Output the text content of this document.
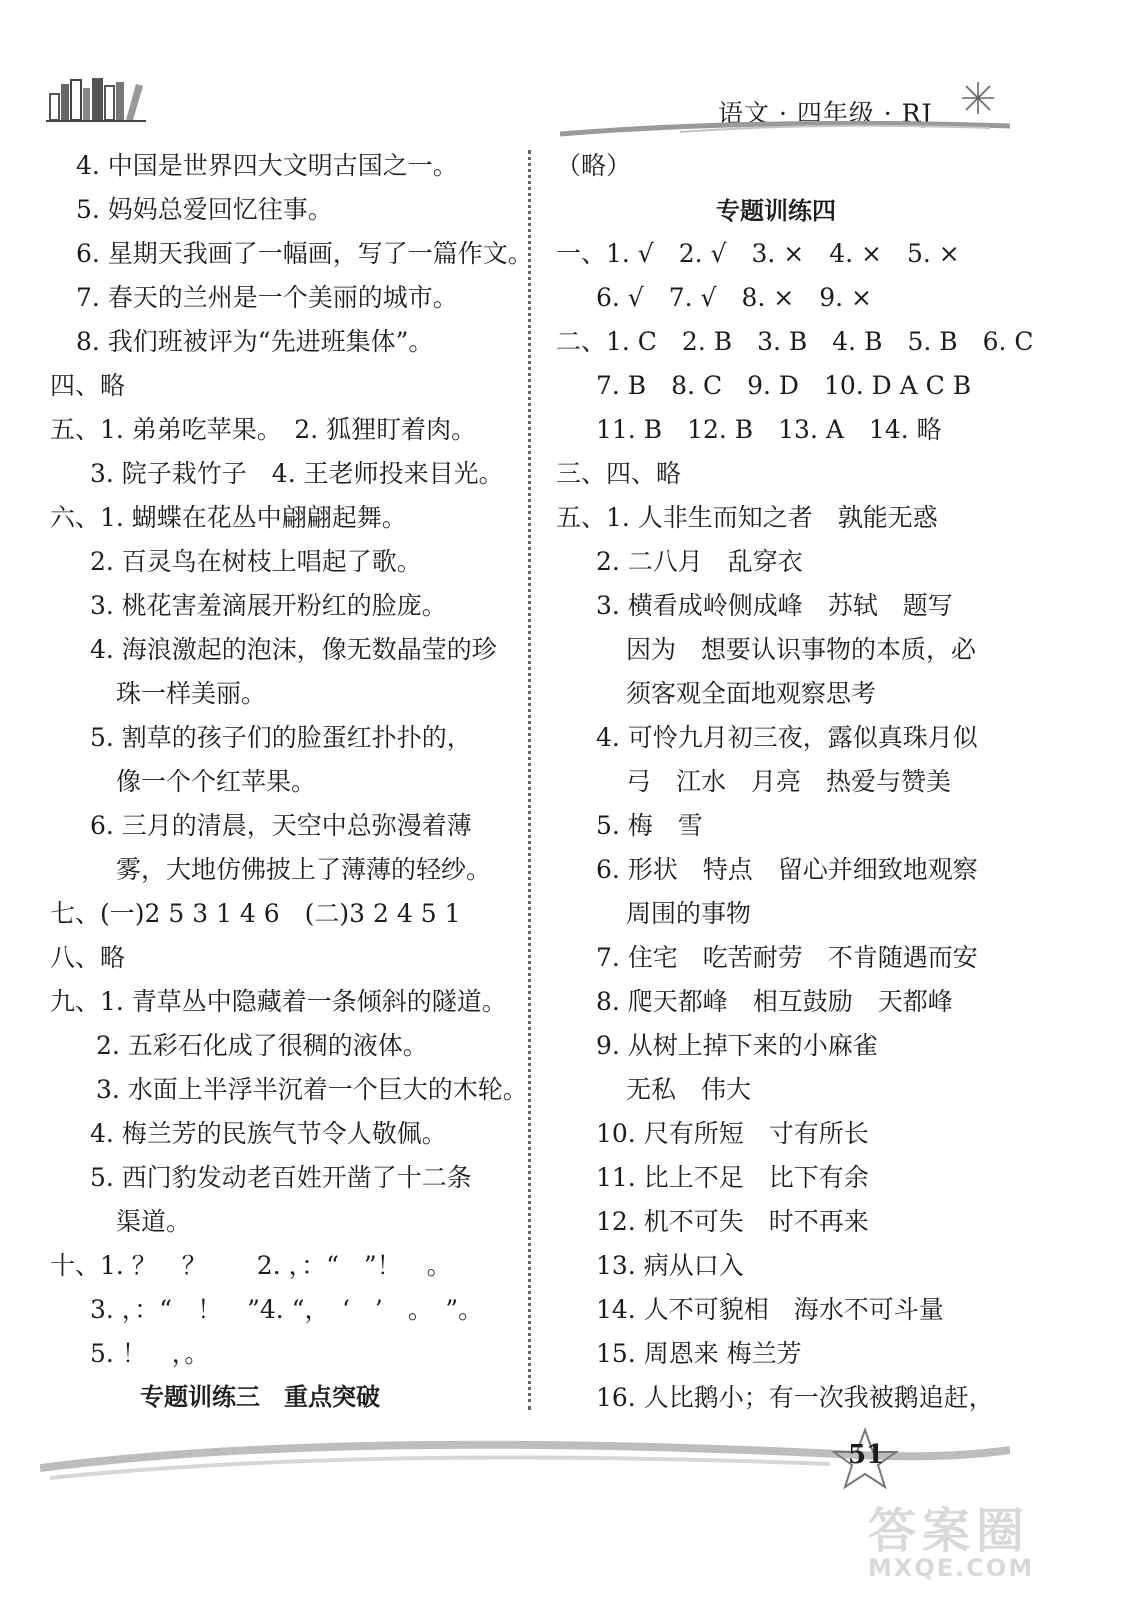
语文 · 四年级 · RJ
4. 中国是世界四大文明古国之一。
5. 妈妈总爱回忆往事。
6. 星期天我画了一幅画，写了一篇作文。
7. 春天的兰州是一个美丽的城市。
8. 我们班被评为“先进班集体”。
四、略
五、1. 弟弟吃苹果。　2. 狐狸盯着肉。
3. 院子栽竹子　4. 王老师投来目光。
六、1. 蝴蝶在花丛中翩翩起舞。
2. 百灵鸟在树枝上唱起了歌。
3. 桃花害羞滴展开粉红的脸庞。
4. 海浪激起的泡沫，像无数晶莹的珍
珠一样美丽。
5. 割草的孩子们的脸蛋红扑扑的，
像一个个红苹果。
6. 三月的清晨，天空中总弥漫着薄
雾，大地仿佛披上了薄薄的轻纱。
七、(一)2 5 3 1 4 6　(二)3 2 4 5 1
八、略
九、1. 青草丛中隐藏着一条倾斜的隧道。
2. 五彩石化成了很稠的液体。
3. 水面上半浮半沉着一个巨大的木轮。
4. 梅兰芳的民族气节令人敬佩。
5. 西门豹发动老百姓开凿了十二条
渠道。
十、1. ？　？　　2. ，：“　”！　。
3. ，：“　！　”4. “，　‘　’　。　”。
5. ！　，。
专题训练三　重点突破
（略）
专题训练四
一、1. √　2. √　3. ×　4. ×　5. ×
6. √　7. √　8. ×　9. ×
二、1. C　2. B　3. B　4. B　5. B　6. C
7. B　8. C　9. D　10. D A C B
11. B　12. B　13. A　14. 略
三、四、略
五、1. 人非生而知之者　孰能无惑
2. 二八月　乱穿衣
3. 横看成岭侧成峰　苏轼　题写
因为　想要认识事物的本质，必
须客观全面地观察思考
4. 可怜九月初三夜，露似真珠月似
弓　江水　月亮　热爱与赞美
5. 梅　雪
6. 形状　特点　留心并细致地观察
周围的事物
7. 住宅　吃苦耐劳　不肯随遇而安
8. 爬天都峰　相互鼓励　天都峰
9. 从树上掉下来的小麻雀
无私　伟大
10. 尺有所短　寸有所长
11. 比上不足　比下有余
12. 机不可失　时不再来
13. 病从口入
14. 人不可貌相　海水不可斗量
15. 周恩来 梅兰芳
16. 人比鹅小；有一次我被鹅追赶，
51
答案圈
MXQE.COM
